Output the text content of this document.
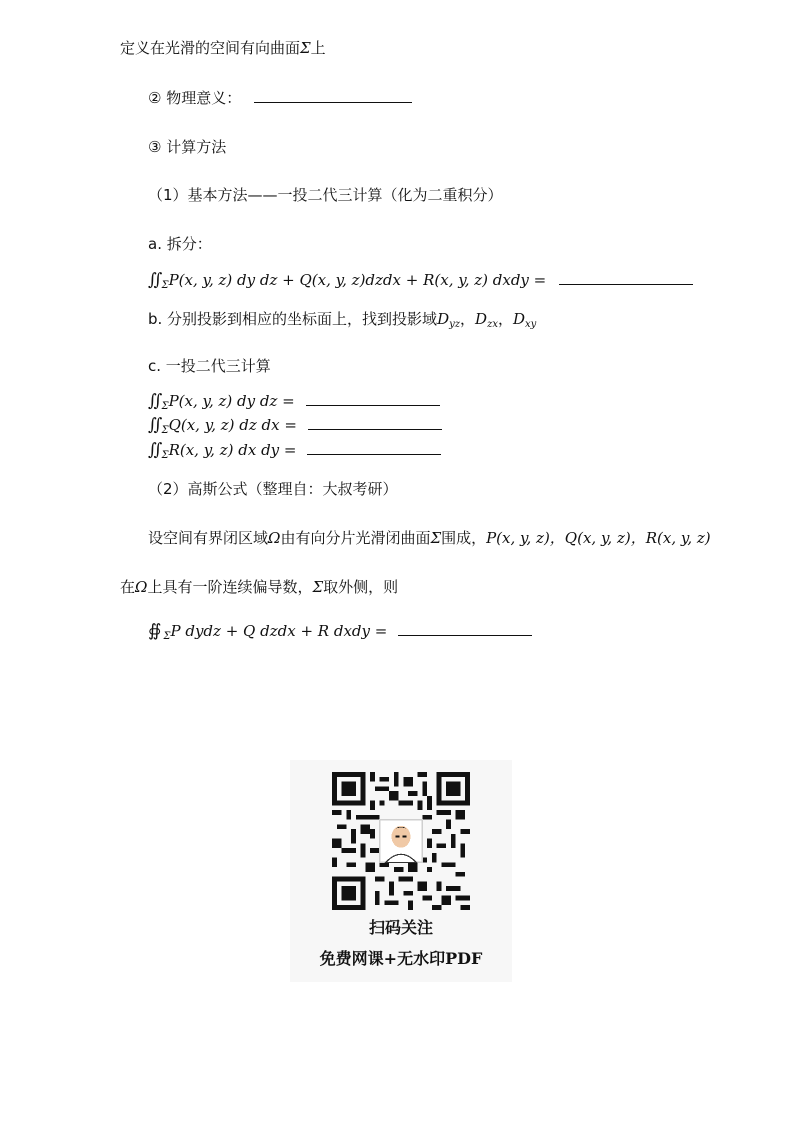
定义在光滑的空间有向曲面Σ上
② 物理意义：
③ 计算方法
（1）基本方法——一投二代三计算（化为二重积分）
a. 拆分：
∬ $_\Sigma$P(x, y, z) dy dz + Q(x, y, z)dzdx + R(x, y, z) dxdy =
b. 分别投影到相应的坐标面上，找到投影域$D_{yz}$，$D_{zx}$，$D_{xy}$
c. 一投二代三计算
∬ $_\Sigma$P(x, y, z) dy dz =
∬ $_\Sigma$Q(x, y, z) dz dx =
∬ $_\Sigma$R(x, y, z) dx dy =
（2）高斯公式（整理自：大叔考研）
设空间有界闭区域Ω由有向分片光滑闭曲面Σ围成，P(x, y, z)，Q(x, y, z)，R(x, y, z)
在Ω上具有一阶连续偏导数，Σ取外侧，则
∯ $_\Sigma$P dydz + Q dzdx + R dxdy =
扫码关注
免费网课+无水印PDF
